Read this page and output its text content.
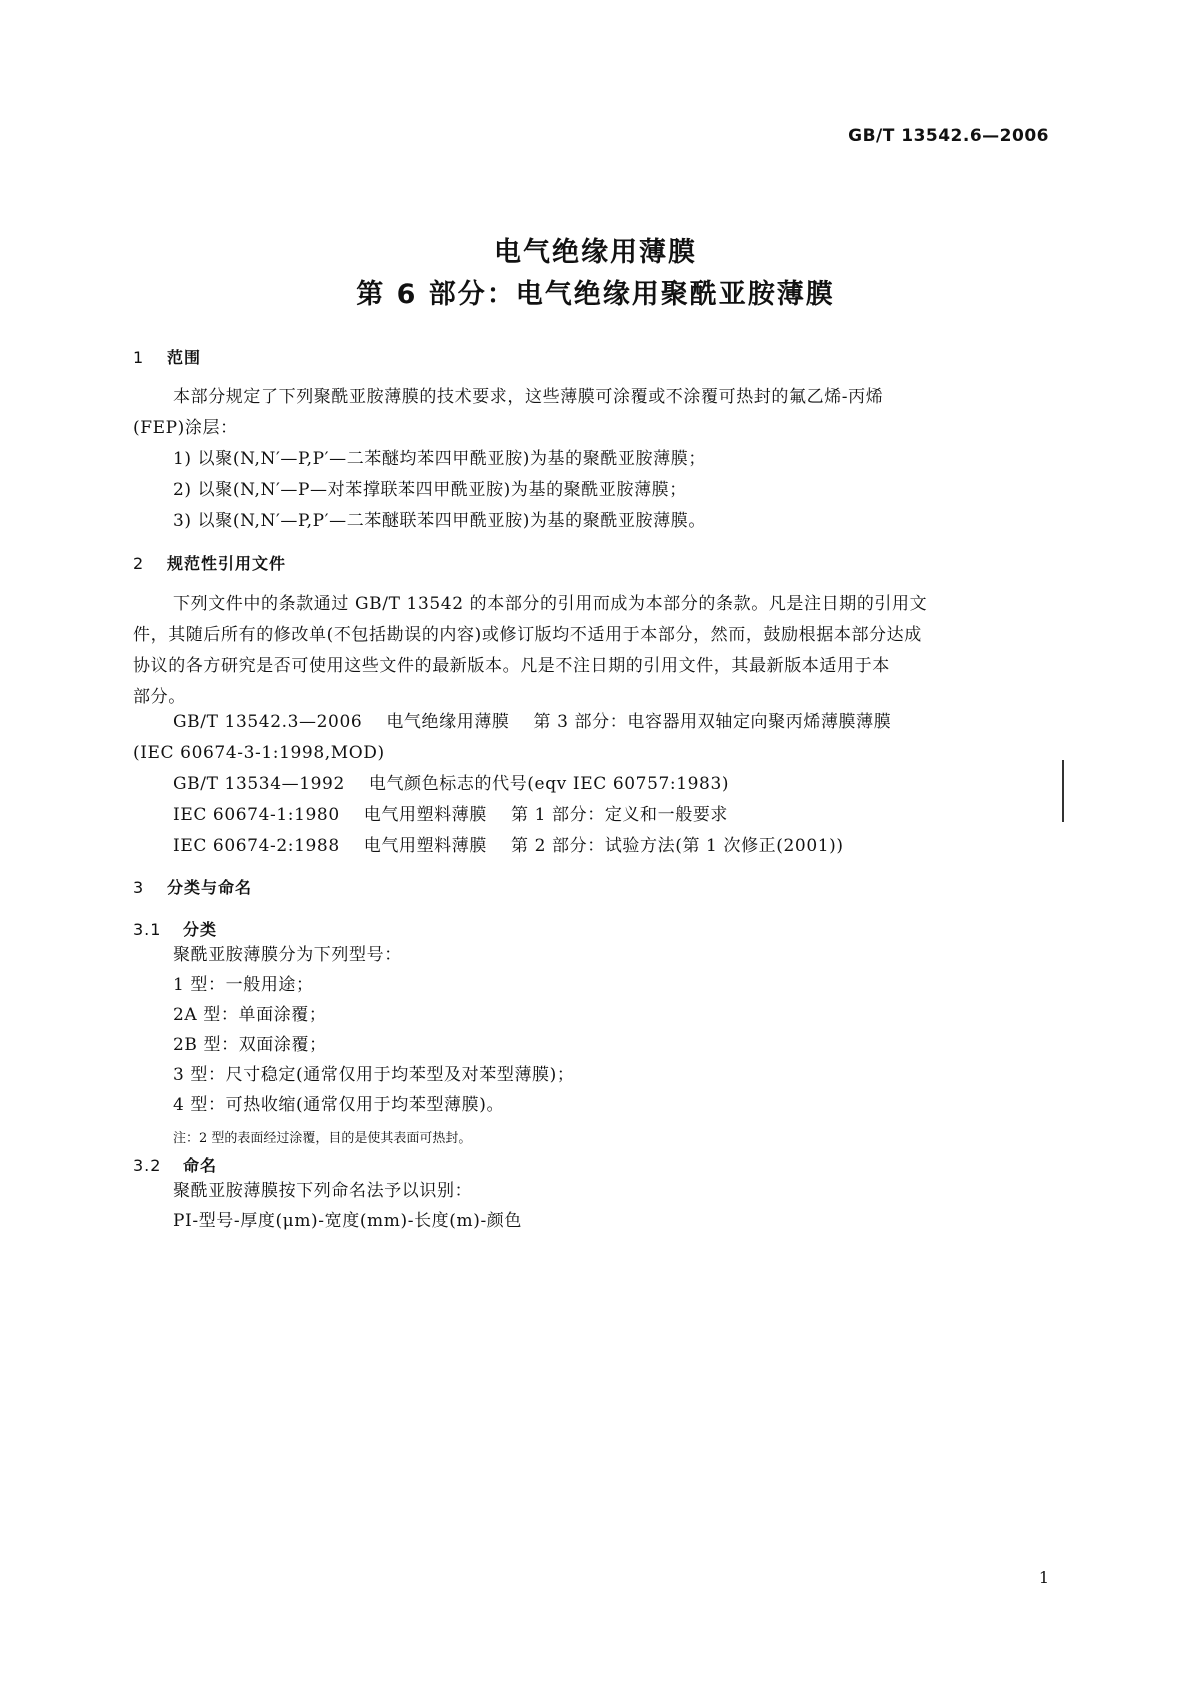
GB/T 13542.6—2006
电气绝缘用薄膜
第 6 部分：电气绝缘用聚酰亚胺薄膜
1 范围
本部分规定了下列聚酰亚胺薄膜的技术要求，这些薄膜可涂覆或不涂覆可热封的氟乙烯-丙烯
(FEP)涂层：
1) 以聚(N,N′—P,P′—二苯醚均苯四甲酰亚胺)为基的聚酰亚胺薄膜；
2) 以聚(N,N′—P—对苯撑联苯四甲酰亚胺)为基的聚酰亚胺薄膜；
3) 以聚(N,N′—P,P′—二苯醚联苯四甲酰亚胺)为基的聚酰亚胺薄膜。
2 规范性引用文件
下列文件中的条款通过 GB/T 13542 的本部分的引用而成为本部分的条款。凡是注日期的引用文
件，其随后所有的修改单(不包括勘误的内容)或修订版均不适用于本部分，然而，鼓励根据本部分达成
协议的各方研究是否可使用这些文件的最新版本。凡是不注日期的引用文件，其最新版本适用于本
部分。
GB/T 13542.3—2006    电气绝缘用薄膜    第 3 部分：电容器用双轴定向聚丙烯薄膜薄膜
(IEC 60674-3-1:1998,MOD)
GB/T 13534—1992    电气颜色标志的代号(eqv IEC 60757:1983)
IEC 60674-1:1980    电气用塑料薄膜    第 1 部分：定义和一般要求
IEC 60674-2:1988    电气用塑料薄膜    第 2 部分：试验方法(第 1 次修正(2001))
3 分类与命名
3.1 分类
聚酰亚胺薄膜分为下列型号：
1 型：一般用途；
2A 型：单面涂覆；
2B 型：双面涂覆；
3 型：尺寸稳定(通常仅用于均苯型及对苯型薄膜)；
4 型：可热收缩(通常仅用于均苯型薄膜)。
注：2 型的表面经过涂覆，目的是使其表面可热封。
3.2 命名
聚酰亚胺薄膜按下列命名法予以识别：
PI-型号-厚度(μm)-宽度(mm)-长度(m)-颜色
1
